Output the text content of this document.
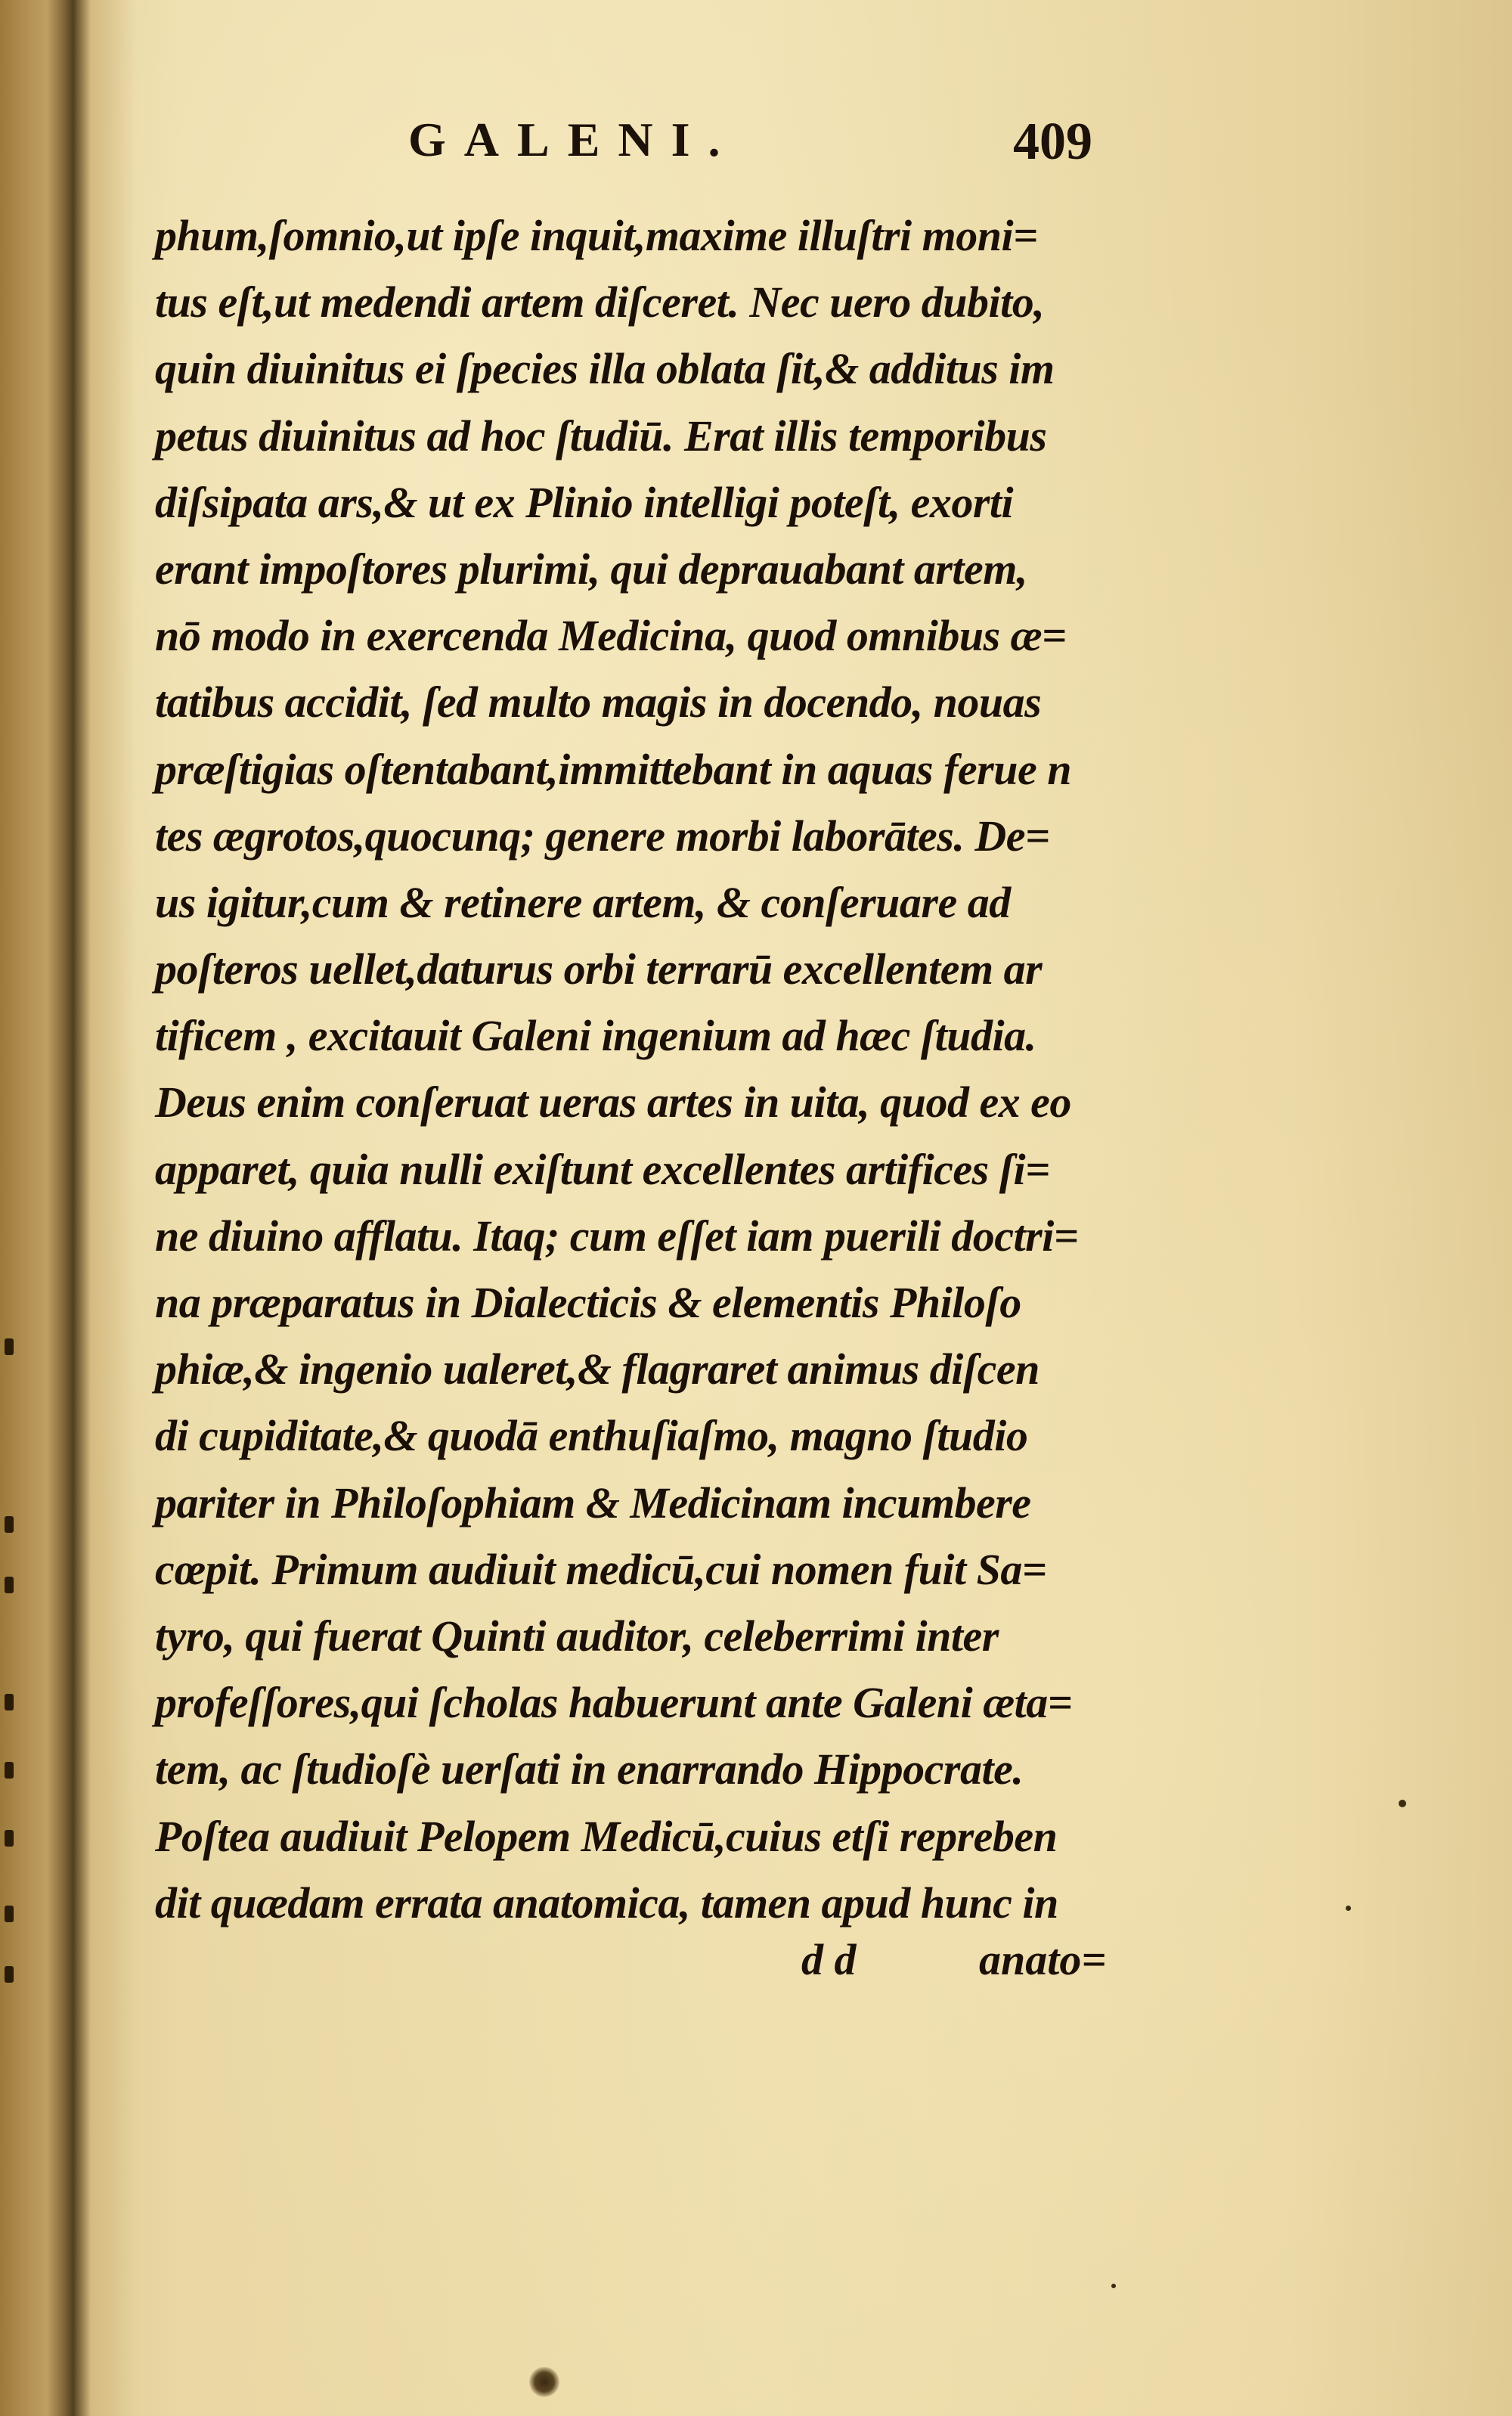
GALENI.	409
phum,ſomnio,ut ipſe inquit,maxime illuſtri moni=
tus eſt,ut medendi artem diſceret. Nec uero dubito,
quin diuinitus ei ſpecies illa oblata ſit,& additus im
petus diuinitus ad hoc ſtudiū. Erat illis temporibus
diſsipata ars,& ut ex Plinio intelligi poteſt, exorti
erant impoſtores plurimi, qui deprauabant artem,
nō modo in exercenda Medicina, quod omnibus æ=
tatibus accidit, ſed multo magis in docendo, nouas
præſtigias oſtentabant,immittebant in aquas ferue n
tes ægrotos,quocunq; genere morbi laborātes. De=
us igitur,cum & retinere artem, & conſeruare ad
poſteros uellet,daturus orbi terrarū excellentem ar
tificem , excitauit Galeni ingenium ad hæc ſtudia.
Deus enim conſeruat ueras artes in uita, quod ex eo
apparet, quia nulli exiſtunt excellentes artifices ſi=
ne diuino afflatu. Itaq; cum eſſet iam puerili doctri=
na præparatus in Dialecticis & elementis Philoſo
phiæ,& ingenio ualeret,& flagraret animus diſcen
di cupiditate,& quodā enthuſiaſmo, magno ſtudio
pariter in Philoſophiam & Medicinam incumbere
cœpit. Primum audiuit medicū,cui nomen fuit Sa=
tyro, qui fuerat Quinti auditor, celeberrimi inter
profeſſores,qui ſcholas habuerunt ante Galeni æta=
tem, ac ſtudioſè uerſati in enarrando Hippocrate.
Poſtea audiuit Pelopem Medicū,cuius etſi repreben
dit quædam errata anatomica, tamen apud hunc in
d d	anato=
